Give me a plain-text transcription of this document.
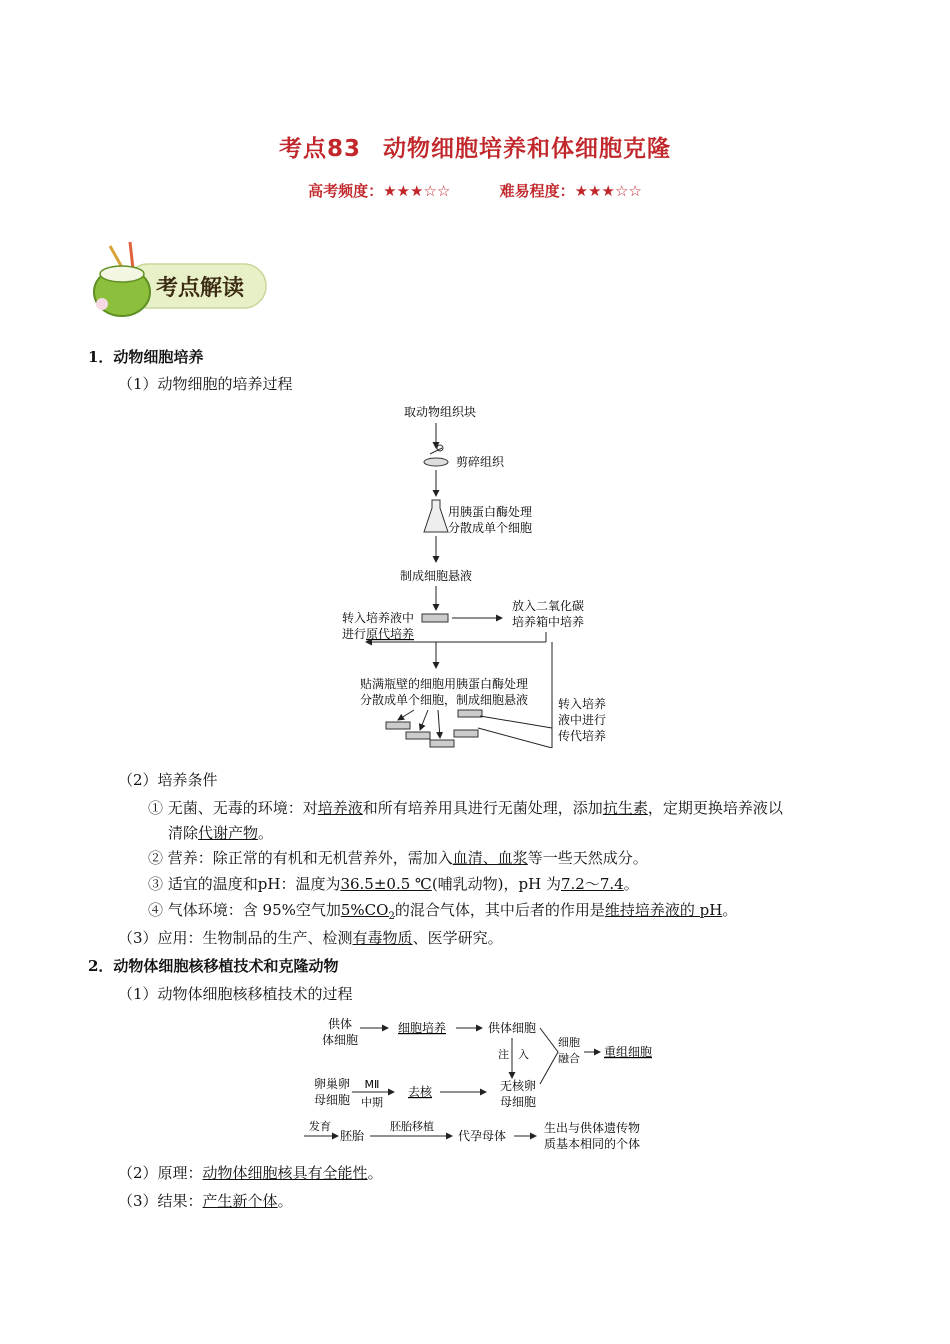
考点83 动物细胞培养和体细胞克隆
高考频度：★★★☆☆	难易程度：★★★☆☆
考点解读
1．动物细胞培养
（1）动物细胞的培养过程
取动物组织块
剪碎组织
用胰蛋白酶处理
分散成单个细胞
制成细胞悬液
转入培养液中
进行原代培养
放入二氧化碳
培养箱中培养
贴满瓶壁的细胞用胰蛋白酶处理
分散成单个细胞，制成细胞悬液 转入培养
液中进行
传代培养
（2）培养条件
① 无菌、无毒的环境：对培养液和所有培养用具进行无菌处理，添加抗生素，定期更换培养液以
清除代谢产物。
② 营养：除正常的有机和无机营养外，需加入血清、血浆等一些天然成分。
③ 适宜的温度和pH：温度为36.5±0.5 ℃(哺乳动物)，pH 为7.2～7.4。
④ 气体环境：含 95%空气加$5\%CO_2$的混合气体，其中后者的作用是维持培养液的 pH。
（3）应用：生物制品的生产、检测有毒物质、医学研究。
2．动物体细胞核移植技术和克隆动物
（1）动物体细胞核移植技术的过程
供体
体细胞
细胞培养	供体细胞
注 入
细胞
融合 重组细胞
卵巢卵
母细胞
MⅡ
中期
去核	无核卵
母细胞
发育
胚胎
胚胎移植
代孕母体
生出与供体遗传物
质基本相同的个体
（2）原理：动物体细胞核具有全能性。
（3）结果：产生新个体。
